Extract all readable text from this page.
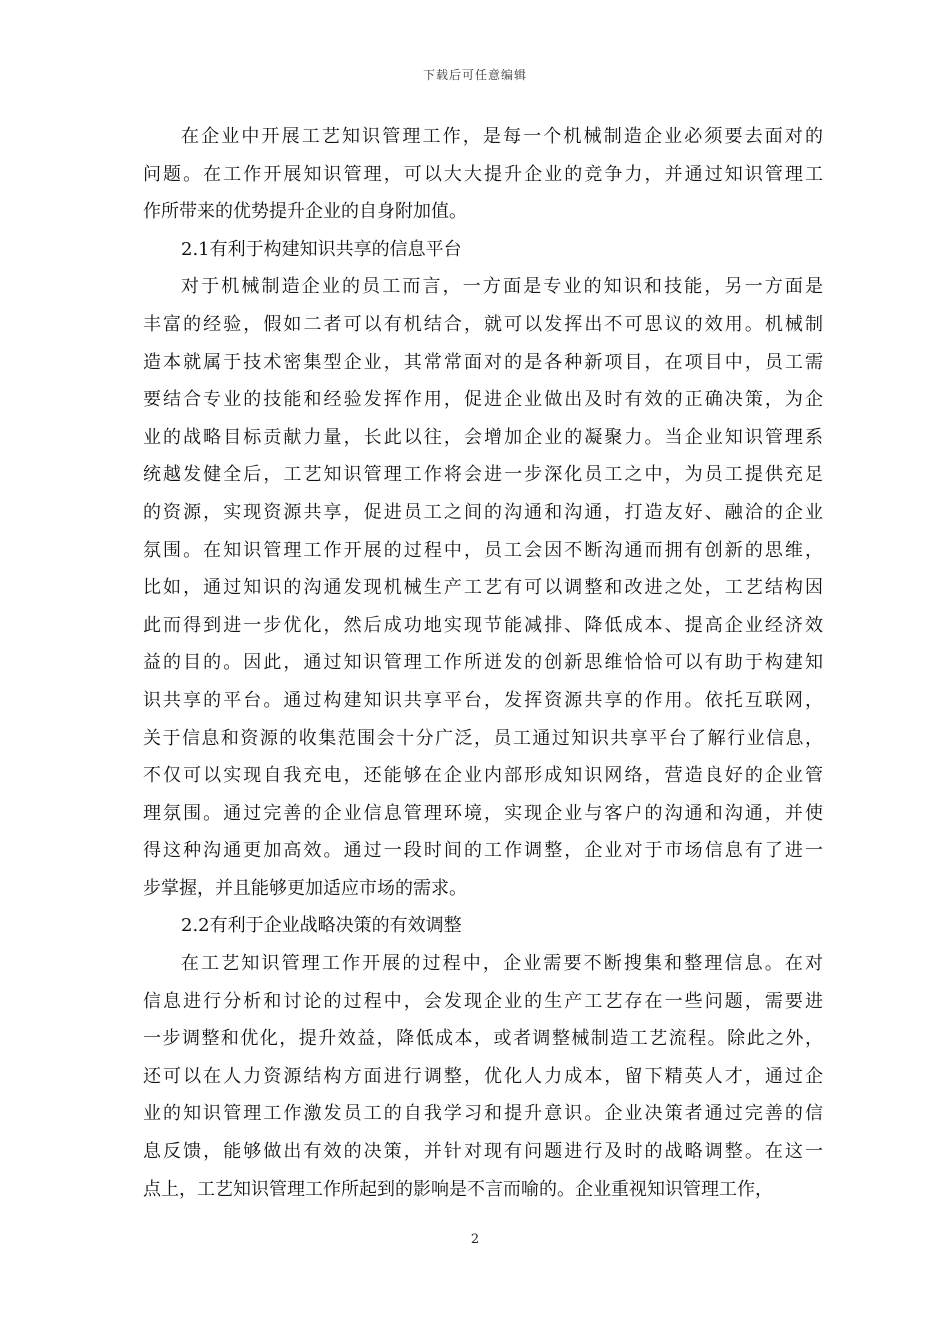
下载后可任意编辑
在企业中开展工艺知识管理工作，是每一个机械制造企业必须要去面对的
问题。在工作开展知识管理，可以大大提升企业的竞争力，并通过知识管理工
作所带来的优势提升企业的自身附加值。
2.1有利于构建知识共享的信息平台
对于机械制造企业的员工而言，一方面是专业的知识和技能，另一方面是
丰富的经验，假如二者可以有机结合，就可以发挥出不可思议的效用。机械制
造本就属于技术密集型企业，其常常面对的是各种新项目，在项目中，员工需
要结合专业的技能和经验发挥作用，促进企业做出及时有效的正确决策，为企
业的战略目标贡献力量，长此以往，会增加企业的凝聚力。当企业知识管理系
统越发健全后，工艺知识管理工作将会进一步深化员工之中，为员工提供充足
的资源，实现资源共享，促进员工之间的沟通和沟通，打造友好、融洽的企业
氛围。在知识管理工作开展的过程中，员工会因不断沟通而拥有创新的思维，
比如，通过知识的沟通发现机械生产工艺有可以调整和改进之处，工艺结构因
此而得到进一步优化，然后成功地实现节能减排、降低成本、提高企业经济效
益的目的。因此，通过知识管理工作所迸发的创新思维恰恰可以有助于构建知
识共享的平台。通过构建知识共享平台，发挥资源共享的作用。依托互联网，
关于信息和资源的收集范围会十分广泛，员工通过知识共享平台了解行业信息，
不仅可以实现自我充电，还能够在企业内部形成知识网络，营造良好的企业管
理氛围。通过完善的企业信息管理环境，实现企业与客户的沟通和沟通，并使
得这种沟通更加高效。通过一段时间的工作调整，企业对于市场信息有了进一
步掌握，并且能够更加适应市场的需求。
2.2有利于企业战略决策的有效调整
在工艺知识管理工作开展的过程中，企业需要不断搜集和整理信息。在对
信息进行分析和讨论的过程中，会发现企业的生产工艺存在一些问题，需要进
一步调整和优化，提升效益，降低成本，或者调整械制造工艺流程。除此之外，
还可以在人力资源结构方面进行调整，优化人力成本，留下精英人才，通过企
业的知识管理工作激发员工的自我学习和提升意识。企业决策者通过完善的信
息反馈，能够做出有效的决策，并针对现有问题进行及时的战略调整。在这一
点上，工艺知识管理工作所起到的影响是不言而喻的。企业重视知识管理工作，
2
